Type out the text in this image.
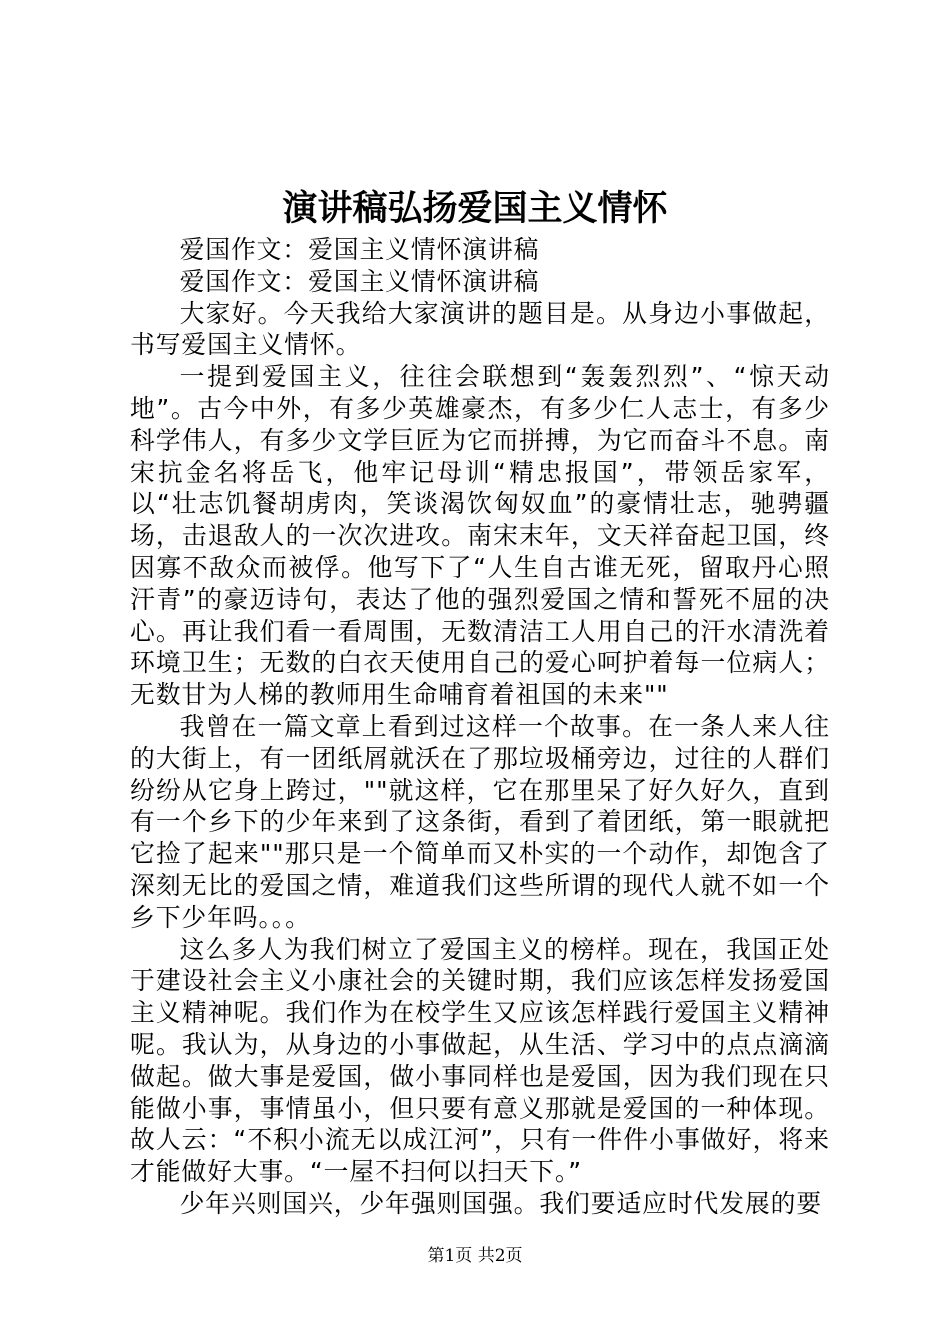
演讲稿弘扬爱国主义情怀

爱国作文：爱国主义情怀演讲稿

爱国作文：爱国主义情怀演讲稿

大家好。今天我给大家演讲的题目是。从身边小事做起，书写爱国主义情怀。

一提到爱国主义，往往会联想到“轰轰烈烈”、“惊天动地”。古今中外，有多少英雄豪杰，有多少仁人志士，有多少科学伟人，有多少文学巨匠为它而拼搏，为它而奋斗不息。南宋抗金名将岳飞，他牢记母训“精忠报国”，带领岳家军，以“壮志饥餐胡虏肉，笑谈渴饮匈奴血”的豪情壮志，驰骋疆场，击退敌人的一次次进攻。南宋末年，文天祥奋起卫国，终因寡不敌众而被俘。他写下了“人生自古谁无死，留取丹心照汗青”的豪迈诗句，表达了他的强烈爱国之情和誓死不屈的决心。再让我们看一看周围，无数清洁工人用自己的汗水清洗着环境卫生；无数的白衣天使用自己的爱心呵护着每一位病人；无数甘为人梯的教师用生命哺育着祖国的未来""

我曾在一篇文章上看到过这样一个故事。在一条人来人往的大街上，有一团纸屑就沃在了那垃圾桶旁边，过往的人群们纷纷从它身上跨过，""就这样，它在那里呆了好久好久，直到有一个乡下的少年来到了这条街，看到了着团纸，第一眼就把它捡了起来""那只是一个简单而又朴实的一个动作，却饱含了深刻无比的爱国之情，难道我们这些所谓的现代人就不如一个乡下少年吗。。。

这么多人为我们树立了爱国主义的榜样。现在，我国正处于建设社会主义小康社会的关键时期，我们应该怎样发扬爱国主义精神呢。我们作为在校学生又应该怎样践行爱国主义精神呢。我认为，从身边的小事做起，从生活、学习中的点点滴滴做起。做大事是爱国，做小事同样也是爱国，因为我们现在只能做小事，事情虽小，但只要有意义那就是爱国的一种体现。故人云：“不积小流无以成江河”，只有一件件小事做好，将来才能做好大事。“一屋不扫何以扫天下。”

少年兴则国兴，少年强则国强。我们要适应时代发展的要

第1页 共2页
